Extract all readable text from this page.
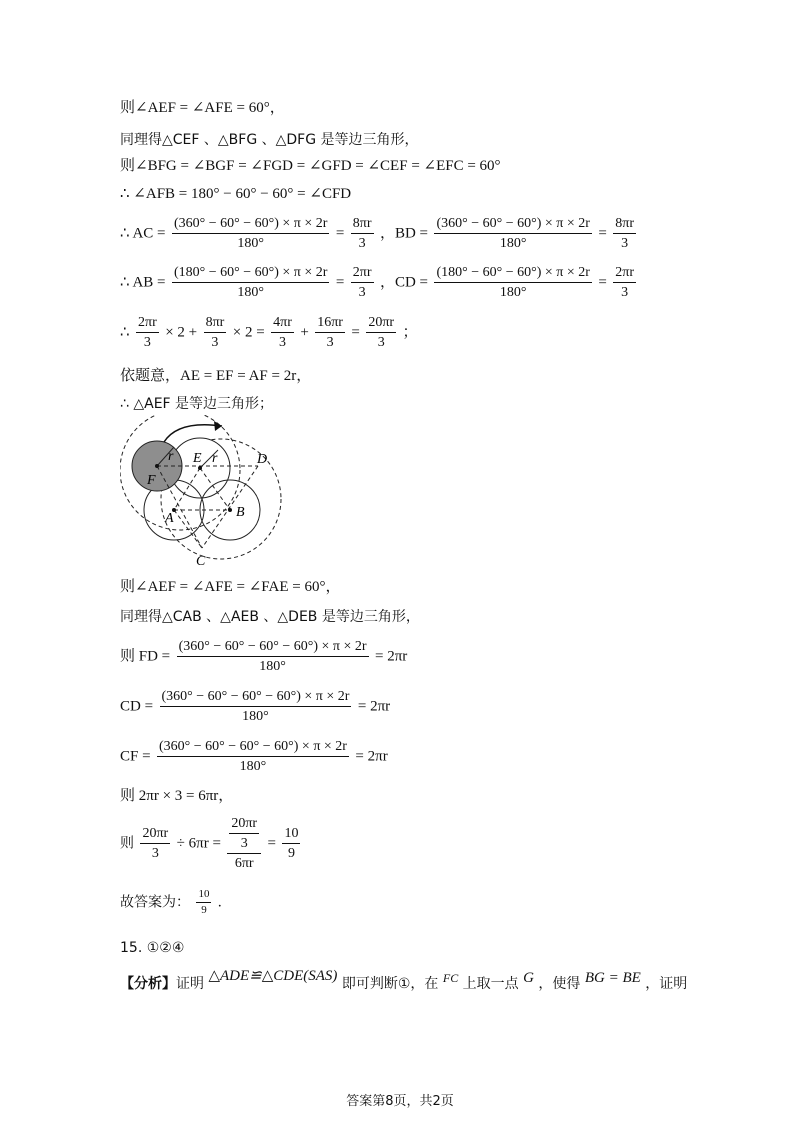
则∠AEF = ∠AFE = 60°，
同理得△CEF 、△BFG 、△DFG 是等边三角形，
则∠BFG = ∠BGF = ∠FGD = ∠GFD = ∠CEF = ∠EFC = 60°
∴ ∠AFB = 180° − 60° − 60° = ∠CFD
∴ AC = $\frac{(360^\circ - 60^\circ - 60^\circ) \times \pi \times 2r}{180^\circ} = \frac{8\pi r}{3}$ ，BD = $\frac{(360^\circ - 60^\circ - 60^\circ) \times \pi \times 2r}{180^\circ} = \frac{8\pi r}{3}$
∴ AB = $\frac{(180^\circ - 60^\circ - 60^\circ) \times \pi \times 2r}{180^\circ} = \frac{2\pi r}{3}$ ，CD = $\frac{(180^\circ - 60^\circ - 60^\circ) \times \pi \times 2r}{180^\circ} = \frac{2\pi r}{3}$
∴ $\frac{2\pi r}{3} \times 2 + \frac{8\pi r}{3} \times 2 = \frac{4\pi r}{3} + \frac{16\pi r}{3} = \frac{20\pi r}{3}$ ；
依题意，AE = EF = AF = 2r，
∴ △AEF 是等边三角形；
r E r	D
F
A	B
C
则∠AEF = ∠AFE = ∠FAE = 60°，
同理得△CAB 、△AEB 、△DEB 是等边三角形，
则 FD = $\frac{(360^\circ - 60^\circ - 60^\circ - 60^\circ) \times \pi \times 2r}{180^\circ} = 2\pi r$
CD = $\frac{(360^\circ - 60^\circ - 60^\circ - 60^\circ) \times \pi \times 2r}{180^\circ} = 2\pi r$
CF = $\frac{(360^\circ - 60^\circ - 60^\circ - 60^\circ) \times \pi \times 2r}{180^\circ} = 2\pi r$
则 2πr × 3 = 6πr，
则 $\frac{20\pi r}{3} \div 6\pi r = \frac{\frac{20\pi r}{3}}{6\pi r} = \frac{10}{9}$
故答案为： $\frac{10}{9}$ .
15. ①②④
【分析】证明 △ADE≌△CDE(SAS) 即可判断①，在 FC 上取一点 G ，使得 BG = BE ，证明
答案第8页，共2页
